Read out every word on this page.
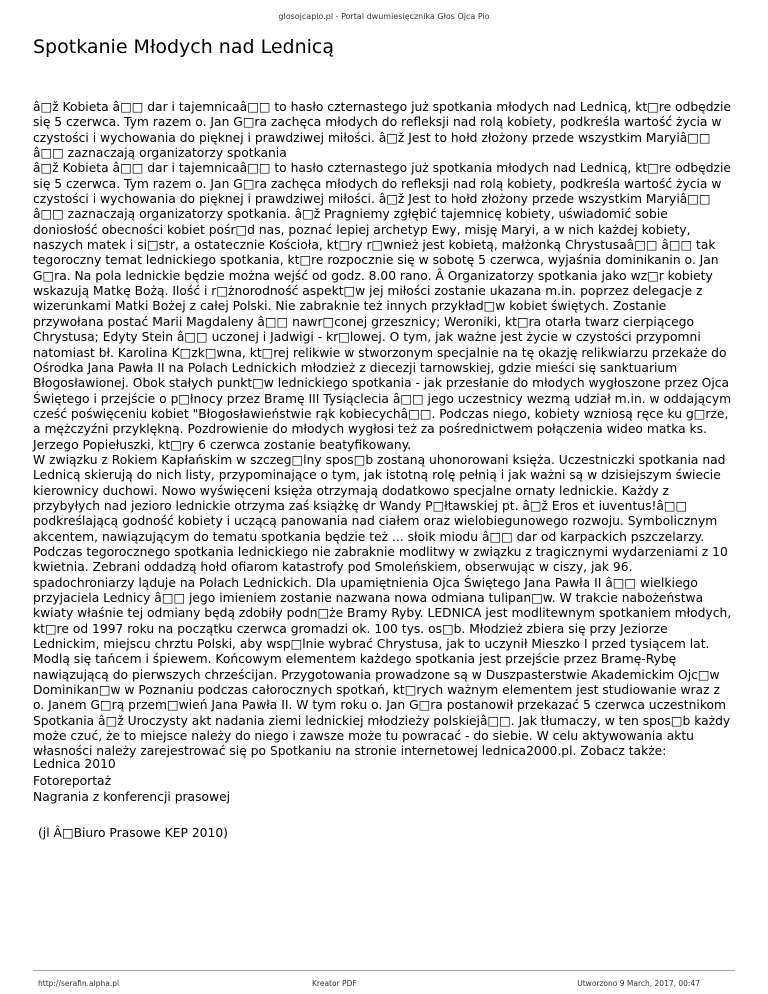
glosojcapio.pl - Portal dwumiesięcznika Głos Ojca Pio
Spotkanie Młodych nad Lednicą
â□ž Kobieta â□□ dar i tajemnicaâ□□ to hasło czternastego już spotkania młodych nad Lednicą, kt□re odbędzie się 5 czerwca. Tym razem o. Jan G□ra zachęca młodych do refleksji nad rolą kobiety, podkreśla wartość życia w czystości i wychowania do pięknej i prawdziwej miłości. â□ž Jest to hołd złożony przede wszystkim Maryiâ□□ â□□ zaznaczają organizatorzy spotkania
â□ž Kobieta â□□ dar i tajemnicaâ□□ to hasło czternastego już spotkania młodych nad Lednicą, kt□re odbędzie się 5 czerwca. Tym razem o. Jan G□ra zachęca młodych do refleksji nad rolą kobiety, podkreśla wartość życia w czystości i wychowania do pięknej i prawdziwej miłości. â□ž Jest to hołd złożony przede wszystkim Maryiâ□□ â□□ zaznaczają organizatorzy spotkania. â□ž Pragniemy zgłębić tajemnicę kobiety, uświadomić sobie doniosłość obecności kobiet pośr□d nas, poznać lepiej archetyp Ewy, misję Maryi, a w nich każdej kobiety, naszych matek i si□str, a ostatecznie Kościoła, kt□ry r□wnież jest kobietą, małżonką Chrystusaâ□□ â□□ tak tegoroczny temat lednickiego spotkania, kt□re rozpocznie się w sobotę 5 czerwca, wyjaśnia dominikanin o. Jan G□ra. Na pola lednickie będzie można wejść od godz. 8.00 rano. Â Organizatorzy spotkania jako wz□r kobiety wskazują Matkę Bożą. Ilość i r□żnorodność aspekt□w jej miłości zostanie ukazana m.in. poprzez delegacje z wizerunkami Matki Bożej z całej Polski. Nie zabraknie też innych przykład□w kobiet świętych. Zostanie przywołana postać Marii Magdaleny â□□ nawr□conej grzesznicy; Weroniki, kt□ra otarła twarz cierpiącego Chrystusa; Edyty Stein â□□ uczonej i Jadwigi - kr□lowej. O tym, jak ważne jest życie w czystości przypomni natomiast bł. Karolina K□zk□wna, kt□rej relikwie w stworzonym specjalnie na tę okazję relikwiarzu przekaże do Ośrodka Jana Pawła II na Polach Lednickich młodzież z diecezji tarnowskiej, gdzie mieści się sanktuarium Błogosławionej. Obok stałych punkt□w lednickiego spotkania - jak przesłanie do młodych wygłoszone przez Ojca Świętego i przejście o p□łnocy przez Bramę III Tysiąclecia â□□ jego uczestnicy wezmą udział m.in. w oddającym cześć poświęceniu kobiet "Błogosławieństwie rąk kobiecychâ□□. Podczas niego, kobiety wzniosą ręce ku g□rze, a mężczyźni przyklękną. Pozdrowienie do młodych wygłosi też za pośrednictwem połączenia wideo matka ks. Jerzego Popiełuszki, kt□ry 6 czerwca zostanie beatyfikowany.
W związku z Rokiem Kapłańskim w szczeg□lny spos□b zostaną uhonorowani księża. Uczestniczki spotkania nad Lednicą skierują do nich listy, przypominające o tym, jak istotną rolę pełnią i jak ważni są w dzisiejszym świecie kierownicy duchowi. Nowo wyświęceni księża otrzymają dodatkowo specjalne ornaty lednickie. Każdy z przybyłych nad jezioro lednickie otrzyma zaś książkę dr Wandy P□łtawskiej pt. â□ž Eros et iuventus!â□□ podkreślającą godność kobiety i uczącą panowania nad ciałem oraz wielobiegunowego rozwoju. Symbolicznym akcentem, nawiązującym do tematu spotkania będzie też ... słoik miodu â□□ dar od karpackich pszczelarzy. Podczas tegorocznego spotkania lednickiego nie zabraknie modlitwy w związku z tragicznymi wydarzeniami z 10 kwietnia. Zebrani oddadzą hołd ofiarom katastrofy pod Smoleńskiem, obserwując w ciszy, jak 96. spadochroniarzy ląduje na Polach Lednickich. Dla upamiętnienia Ojca Świętego Jana Pawła II â□□ wielkiego przyjaciela Lednicy â□□ jego imieniem zostanie nazwana nowa odmiana tulipan□w. W trakcie nabożeństwa kwiaty właśnie tej odmiany będą zdobiły podn□że Bramy Ryby. LEDNICA jest modlitewnym spotkaniem młodych, kt□re od 1997 roku na początku czerwca gromadzi ok. 100 tys. os□b. Młodzież zbiera się przy Jeziorze Lednickim, miejscu chrztu Polski, aby wsp□lnie wybrać Chrystusa, jak to uczynił Mieszko I przed tysiącem lat. Modlą się tańcem i śpiewem. Końcowym elementem każdego spotkania jest przejście przez Bramę-Rybę nawiązującą do pierwszych chrześcijan. Przygotowania prowadzone są w Duszpasterstwie Akademickim Ojc□w Dominikan□w w Poznaniu podczas całorocznych spotkań, kt□rych ważnym elementem jest studiowanie wraz z o. Janem G□rą przem□wień Jana Pawła II. W tym roku o. Jan G□ra postanowił przekazać 5 czerwca uczestnikom Spotkania â□ž Uroczysty akt nadania ziemi lednickiej młodzieży polskiejâ□□. Jak tłumaczy, w ten spos□b każdy może czuć, że to miejsce należy do niego i zawsze może tu powracać - do siebie. W celu aktywowania aktu własności należy zarejestrować się po Spotkaniu na stronie internetowej lednica2000.pl. Zobacz także:
Lednica 2010
Fotoreportaż
Nagrania z konferencji prasowej
(jl Â□Biuro Prasowe KEP 2010)
http://serafin.alpha.pl	Kreator PDF	Utworzono 9 March, 2017, 00:47
